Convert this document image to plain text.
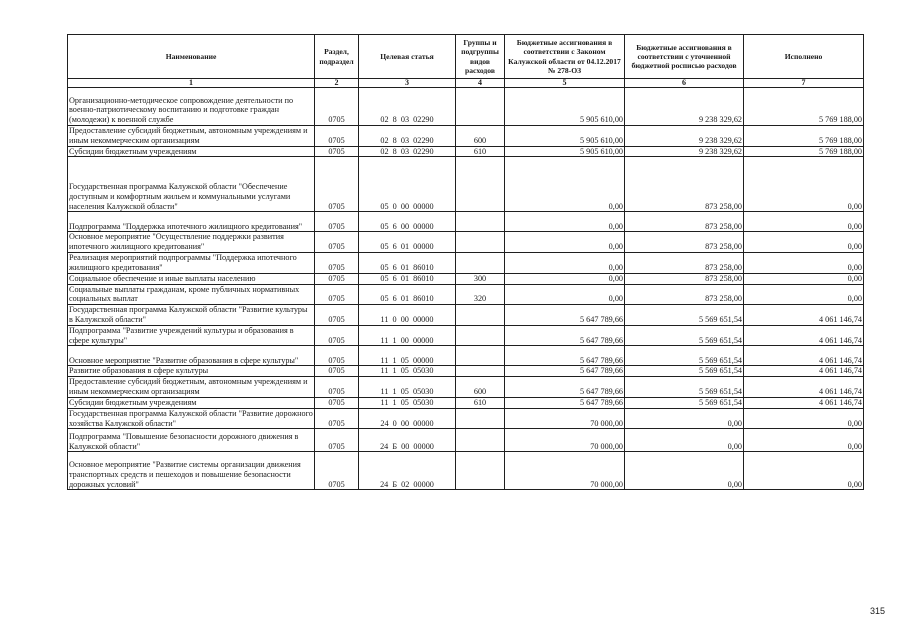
Наименование	Раздел, подраздел	Целевая статья	Группы и подгруппы видов расходов	Бюджетные ассигнования в соответствии с Законом Калужской области от 04.12.2017 № 278-ОЗ	Бюджетные ассигнования в соответствии с уточненной бюджетной росписью расходов	Исполнено
1	2	3	4	5	6	7
Организационно-методическое сопровождение деятельности по военно-патриотическому воспитанию и подготовке граждан (молодежи) к военной службе	0705	02  8  03  02290		5 905 610,00	9 238 329,62	5 769 188,00
Предоставление субсидий бюджетным, автономным учреждениям и иным некоммерческим организациям	0705	02  8  03  02290	600	5 905 610,00	9 238 329,62	5 769 188,00
Субсидии бюджетным учреждениям	0705	02  8  03  02290	610	5 905 610,00	9 238 329,62	5 769 188,00
Государственная программа Калужской области "Обеспечение доступным и комфортным жильем и коммунальными услугами населения Калужской области"	0705	05  0  00  00000		0,00	873 258,00	0,00
Подпрограмма "Поддержка ипотечного жилищного кредитования"	0705	05  6  00  00000		0,00	873 258,00	0,00
Основное мероприятие "Осуществление поддержки развития ипотечного жилищного кредитования"	0705	05  6  01  00000		0,00	873 258,00	0,00
Реализация мероприятий подпрограммы "Поддержка ипотечного жилищного кредитования"	0705	05  6  01  86010		0,00	873 258,00	0,00
Социальное обеспечение и иные выплаты населению	0705	05  6  01  86010	300	0,00	873 258,00	0,00
Социальные выплаты гражданам, кроме публичных нормативных социальных выплат	0705	05  6  01  86010	320	0,00	873 258,00	0,00
Государственная программа Калужской области "Развитие культуры в Калужской области"	0705	11  0  00  00000		5 647 789,66	5 569 651,54	4 061 146,74
Подпрограмма "Развитие учреждений культуры и образования в сфере культуры"	0705	11  1  00  00000		5 647 789,66	5 569 651,54	4 061 146,74
Основное мероприятие "Развитие образования в сфере культуры"	0705	11  1  05  00000		5 647 789,66	5 569 651,54	4 061 146,74
Развитие образования в сфере культуры	0705	11  1  05  05030		5 647 789,66	5 569 651,54	4 061 146,74
Предоставление субсидий бюджетным, автономным учреждениям и иным некоммерческим организациям	0705	11  1  05  05030	600	5 647 789,66	5 569 651,54	4 061 146,74
Субсидии бюджетным учреждениям	0705	11  1  05  05030	610	5 647 789,66	5 569 651,54	4 061 146,74
Государственная программа Калужской области "Развитие дорожного хозяйства Калужской области"	0705	24  0  00  00000		70 000,00	0,00	0,00
Подпрограмма "Повышение безопасности дорожного движения в Калужской области"	0705	24  Б  00  00000		70 000,00	0,00	0,00
Основное мероприятие "Развитие системы организации движения транспортных средств и пешеходов и повышение безопасности дорожных условий"	0705	24  Б  02  00000		70 000,00	0,00	0,00
315
